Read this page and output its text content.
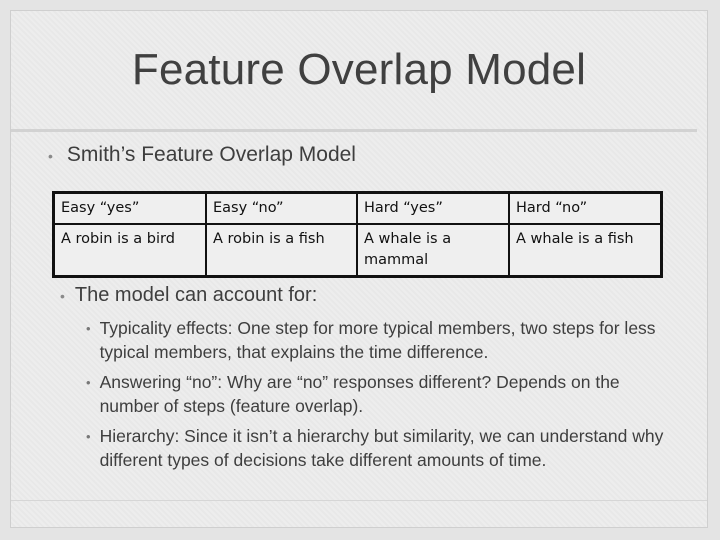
Feature Overlap Model
• Smith’s Feature Overlap Model
Easy “yes”	Easy “no”	Hard “yes”	Hard “no”
A robin is a bird	A robin is a fish	A whale is a mammal	A whale is a fish
• The model can account for:
• Typicality effects: One step for more typical members, two steps for less typical members, that explains the time difference.
• Answering “no”: Why are “no” responses different? Depends on the number of steps (feature overlap).
• Hierarchy: Since it isn’t a hierarchy but similarity, we can understand why different types of decisions take different amounts of time.
